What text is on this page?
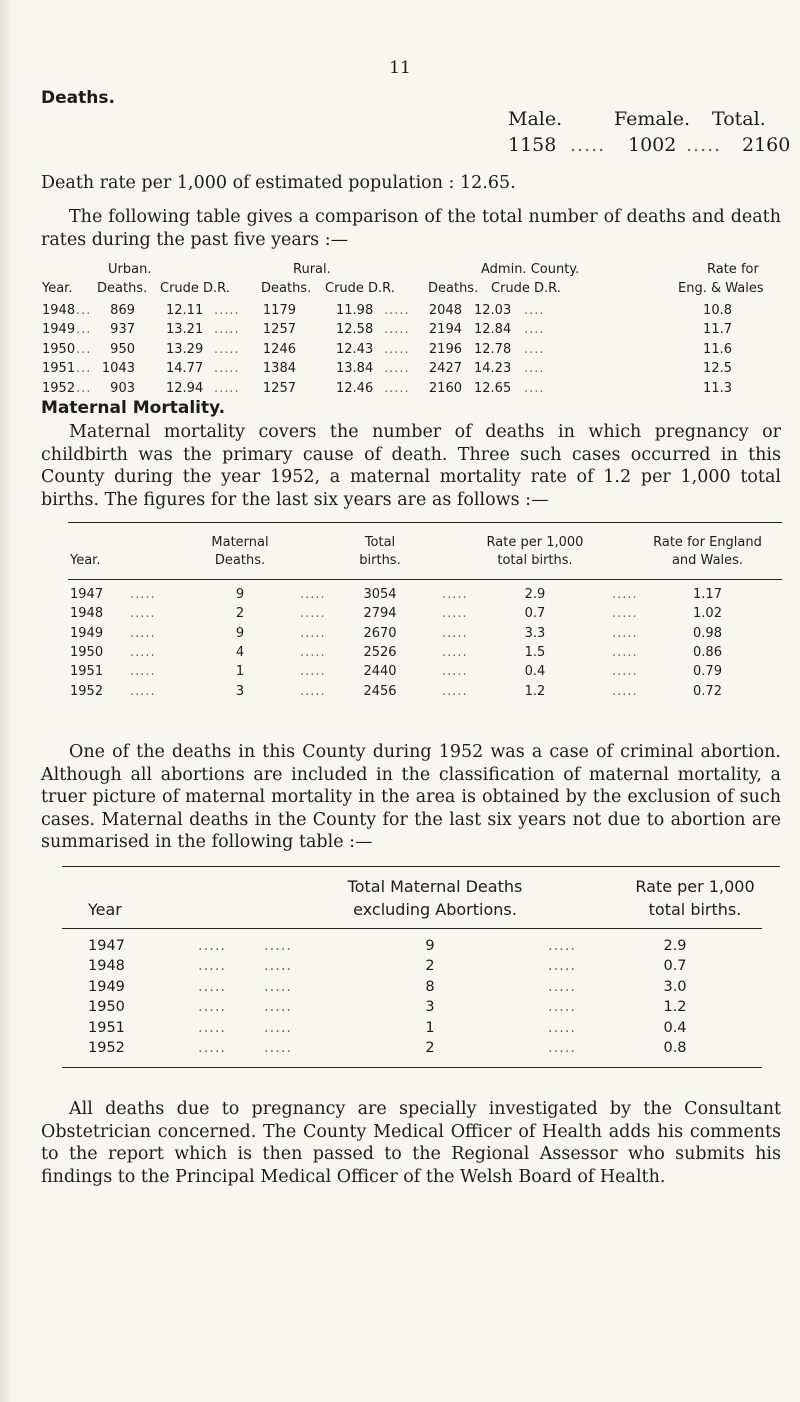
11
Deaths.
Male.	Female. Total.
1158 ..... 1002 ..... 2160
Death rate per 1,000 of estimated population : 12.65.

The following table gives a comparison of the total number of deaths and death rates during the past five years :—

Urban.	Rural.	Admin. County.	Rate for
Year. Deaths. Crude D.R. Deaths. Crude D.R.	Deaths. Crude D.R.	Eng. & Wales
1948 ...	869 12.11 .....	1179	11.98 .....	2048 12.03 ....	10.8
1949 ...	937 13.21 .....	1257	12.58 .....	2194 12.84 ....	11.7
1950 ...	950 13.29 .....	1246	12.43 .....	2196 12.78 ....	11.6
1951 ... 1043 14.77 .....	1384	13.84 .....	2427 14.23 ....	12.5
1952 ...	903 12.94 .....	1257	12.46 .....	2160 12.65 ....	11.3
Maternal Mortality.

Maternal mortality covers the number of deaths in which pregnancy or childbirth was the primary cause of death. Three such cases occurred in this County during the year 1952, a maternal mortality rate of 1.2 per 1,000 total births. The figures for the last six years are as follows :—

Year.
Maternal
Deaths.
Total
births.
Rate per 1,000
total births.
Rate for England
and Wales.
1947 .....	9	.....	3054	.....	2.9	.....	1.17
1948 .....	2	.....	2794	.....	0.7	.....	1.02
1949 .....	9	.....	2670	.....	3.3	.....	0.98
1950 .....	4	.....	2526	.....	1.5	.....	0.86
1951 .....	1	.....	2440	.....	0.4	.....	0.79
1952 .....	3	.....	2456	.....	1.2	.....	0.72

One of the deaths in this County during 1952 was a case of criminal abortion. Although all abortions are included in the classification of maternal mortality, a truer picture of maternal mortality in the area is obtained by the exclusion of such cases. Maternal deaths in the County for the last six years not due to abortion are summarised in the following table :—

Year
Total Maternal Deaths
excluding Abortions.
Rate per 1,000
total births.
1947	.....	.....	9	.....	2.9
1948	.....	.....	2	.....	0.7
1949	.....	.....	8	.....	3.0
1950	.....	.....	3	.....	1.2
1951	.....	.....	1	.....	0.4
1952	.....	.....	2	.....	0.8

All deaths due to pregnancy are specially investigated by the Consultant Obstetrician concerned. The County Medical Officer of Health adds his comments to the report which is then passed to the Regional Assessor who submits his findings to the Principal Medical Officer of the Welsh Board of Health.
